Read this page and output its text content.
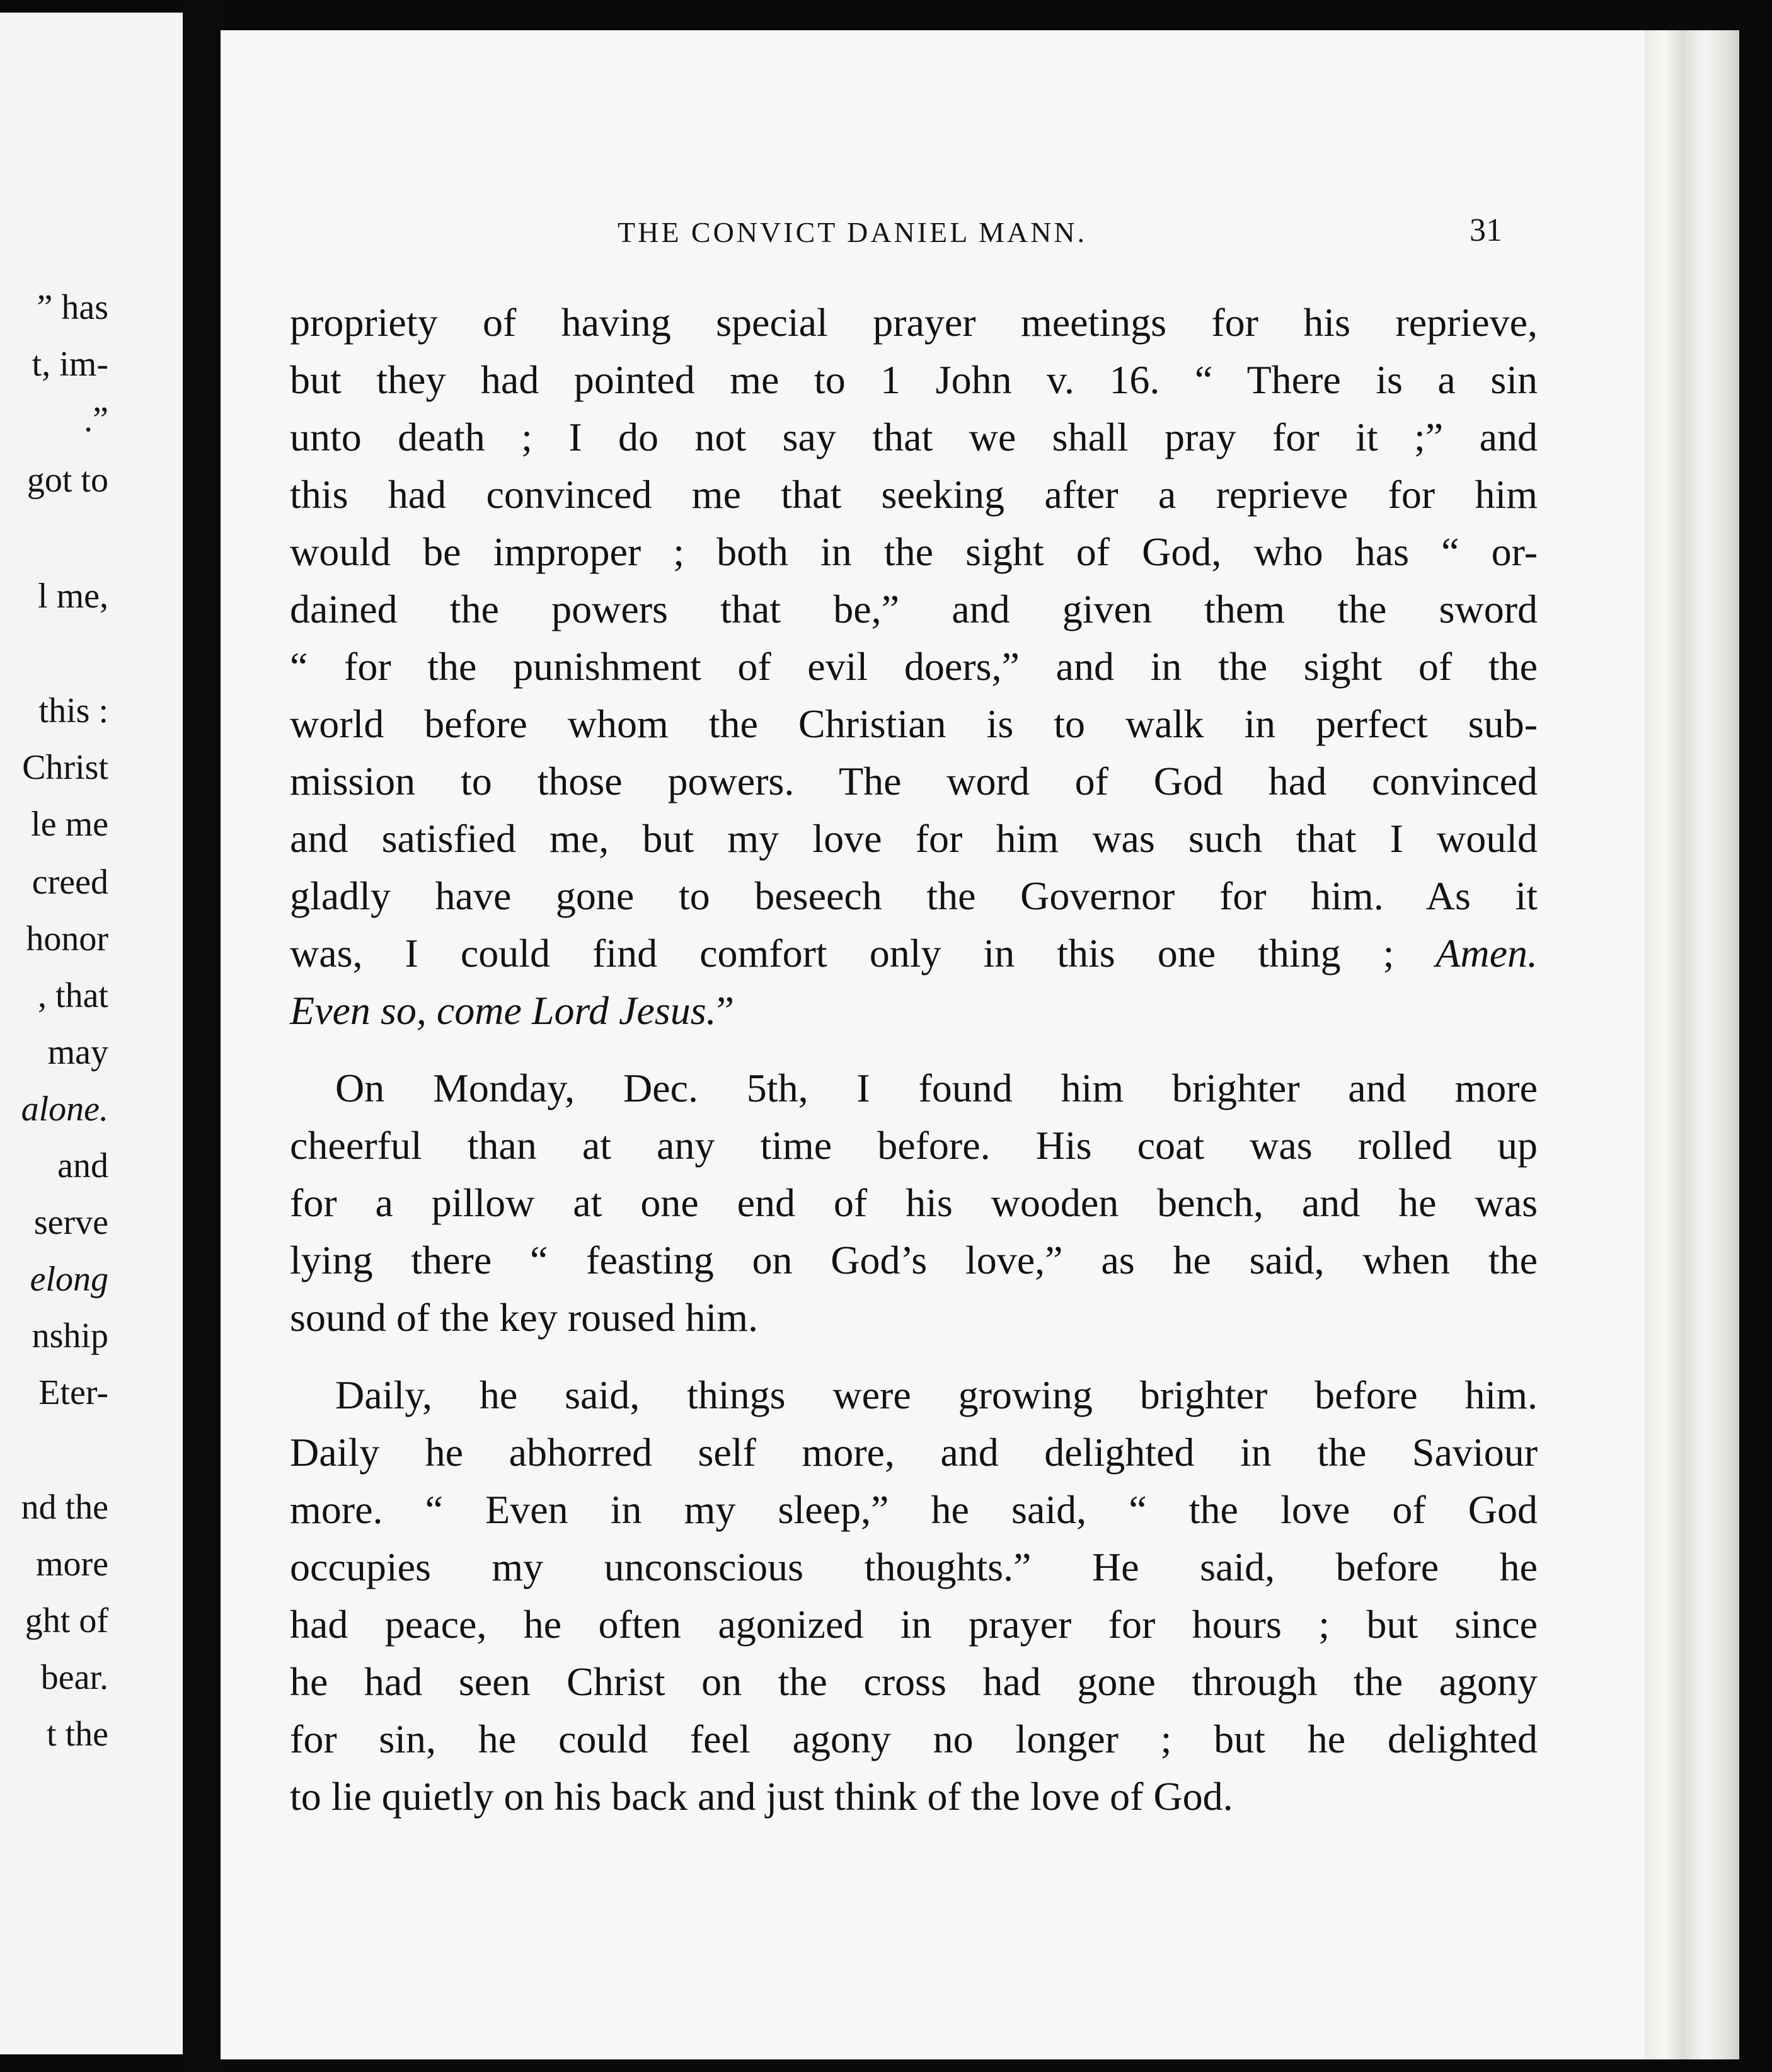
” has
t, im-
.”
got to
l me,
this :
Christ
le me
creed
honor
, that
may
alone.
and
serve
elong
nship
Eter-
nd the
more
ght of
bear.
t the
THE CONVICT DANIEL MANN.	31

propriety of having special prayer meetings for his reprieve,
but they had pointed me to 1 John v. 16. “ There is a sin
unto death ; I do not say that we shall pray for it ;” and
this had convinced me that seeking after a reprieve for him
would be improper ; both in the sight of God, who has “ or-
dained the powers that be,” and given them the sword
“ for the punishment of evil doers,” and in the sight of the
world before whom the Christian is to walk in perfect sub-
mission to those powers. The word of God had convinced
and satisfied me, but my love for him was such that I would
gladly have gone to beseech the Governor for him. As it
was, I could find comfort only in this one thing ; Amen.
Even so, come Lord Jesus.”

On Monday, Dec. 5th, I found him brighter and more
cheerful than at any time before. His coat was rolled up
for a pillow at one end of his wooden bench, and he was
lying there “ feasting on God’s love,” as he said, when the
sound of the key roused him.

Daily, he said, things were growing brighter before him.
Daily he abhorred self more, and delighted in the Saviour
more. “ Even in my sleep,” he said, “ the love of God
occupies my unconscious thoughts.” He said, before he
had peace, he often agonized in prayer for hours ; but since
he had seen Christ on the cross had gone through the agony
for sin, he could feel agony no longer ; but he delighted
to lie quietly on his back and just think of the love of God.
